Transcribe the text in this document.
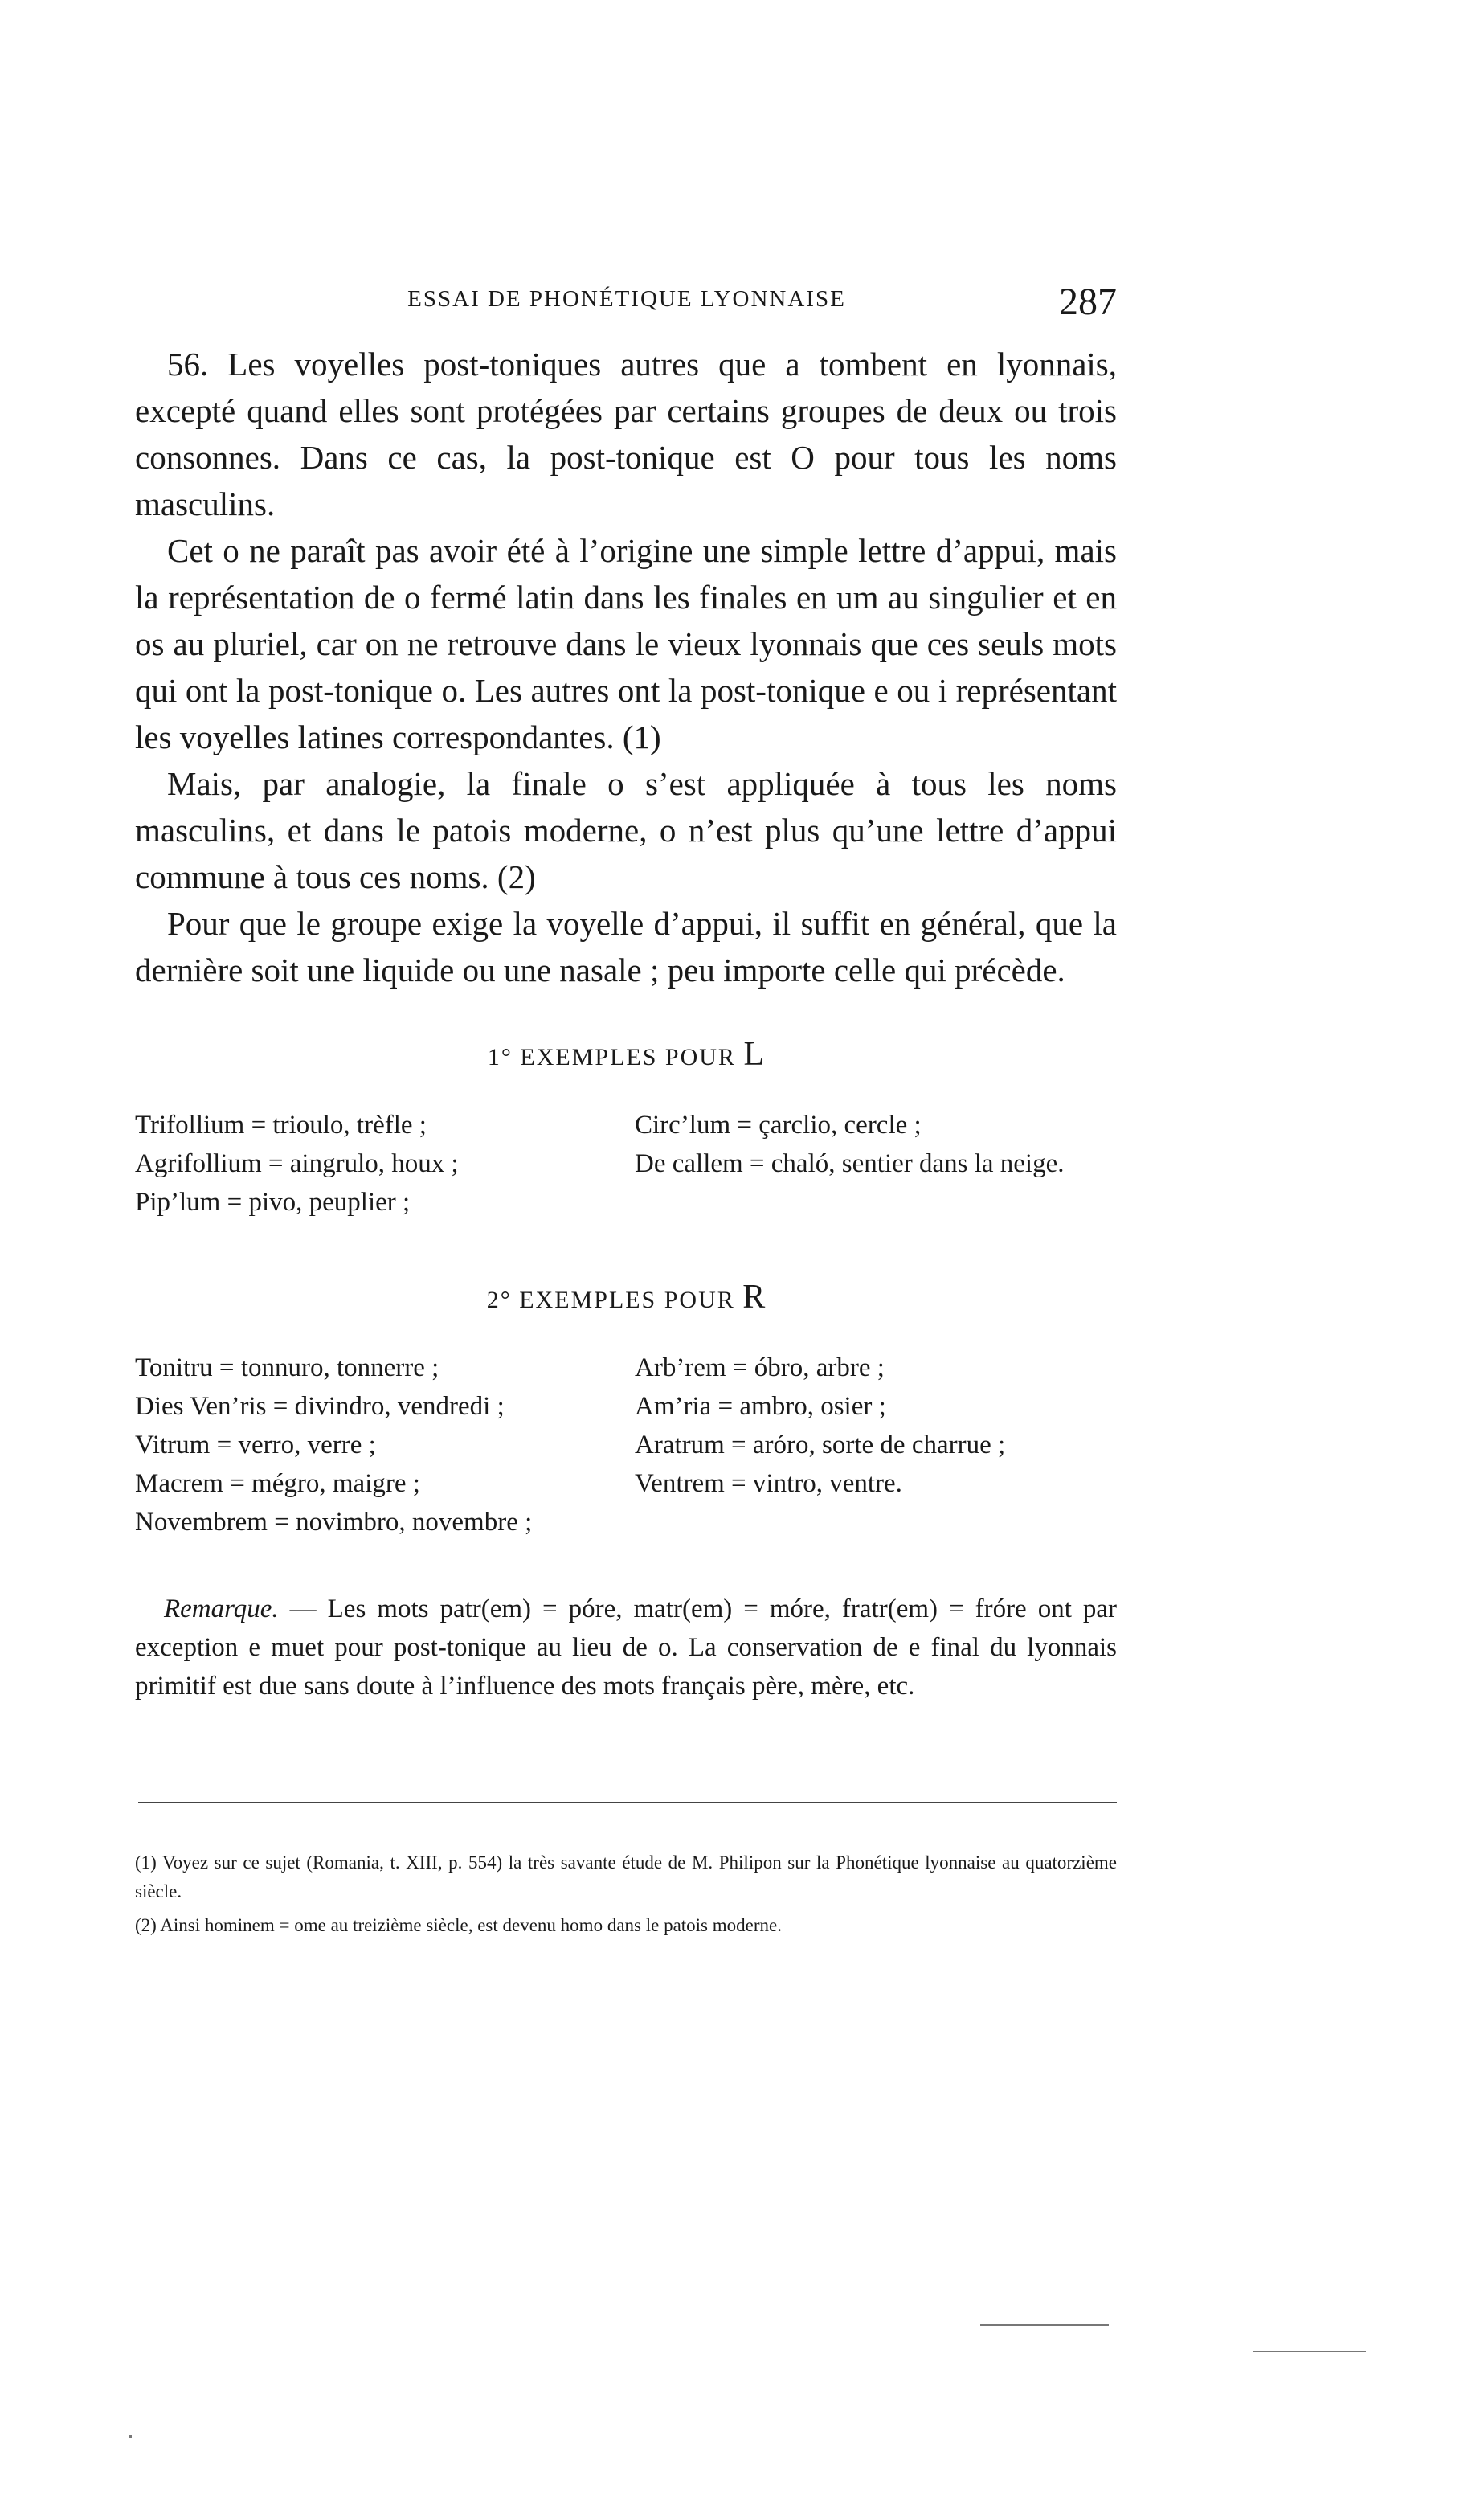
ESSAI DE PHONÉTIQUE LYONNAISE	287

56. Les voyelles post-toniques autres que a tombent en lyonnais, excepté quand elles sont protégées par certains groupes de deux ou trois consonnes. Dans ce cas, la post-tonique est O pour tous les noms masculins.

Cet o ne paraît pas avoir été à l’origine une simple lettre d’appui, mais la représentation de o fermé latin dans les finales en um au singulier et en os au pluriel, car on ne retrouve dans le vieux lyonnais que ces seuls mots qui ont la post-tonique o. Les autres ont la post-tonique e ou i représentant les voyelles latines correspondantes. (1)

Mais, par analogie, la finale o s’est appliquée à tous les noms masculins, et dans le patois moderne, o n’est plus qu’une lettre d’appui commune à tous ces noms. (2)

Pour que le groupe exige la voyelle d’appui, il suffit en général, que la dernière soit une liquide ou une nasale ; peu importe celle qui précède.

1° EXEMPLES POUR L
Trifollium = trioulo, trèfle ;
Agrifollium = aingrulo, houx ;
Pip’lum = pivo, peuplier ;
Circ’lum = çarclio, cercle ;
De callem = chaló, sentier dans la neige.
2° EXEMPLES POUR R
Tonitru = tonnuro, tonnerre ;
Dies Ven’ris = divindro, vendredi ;
Vitrum = verro, verre ;
Macrem = mégro, maigre ;
Novembrem = novimbro, novembre ;
Arb’rem = óbro, arbre ;
Am’ria = ambro, osier ;
Aratrum = aróro, sorte de charrue ;
Ventrem = vintro, ventre.

Remarque. — Les mots patr(em) = póre, matr(em) = móre, fratr(em) = fróre ont par exception e muet pour post-tonique au lieu de o. La conservation de e final du lyonnais primitif est due sans doute à l’influence des mots français père, mère, etc.

(1) Voyez sur ce sujet (Romania, t. XIII, p. 554) la très savante étude de M. Philipon sur la Phonétique lyonnaise au quatorzième siècle.

(2) Ainsi hominem = ome au treizième siècle, est devenu homo dans le patois moderne.
